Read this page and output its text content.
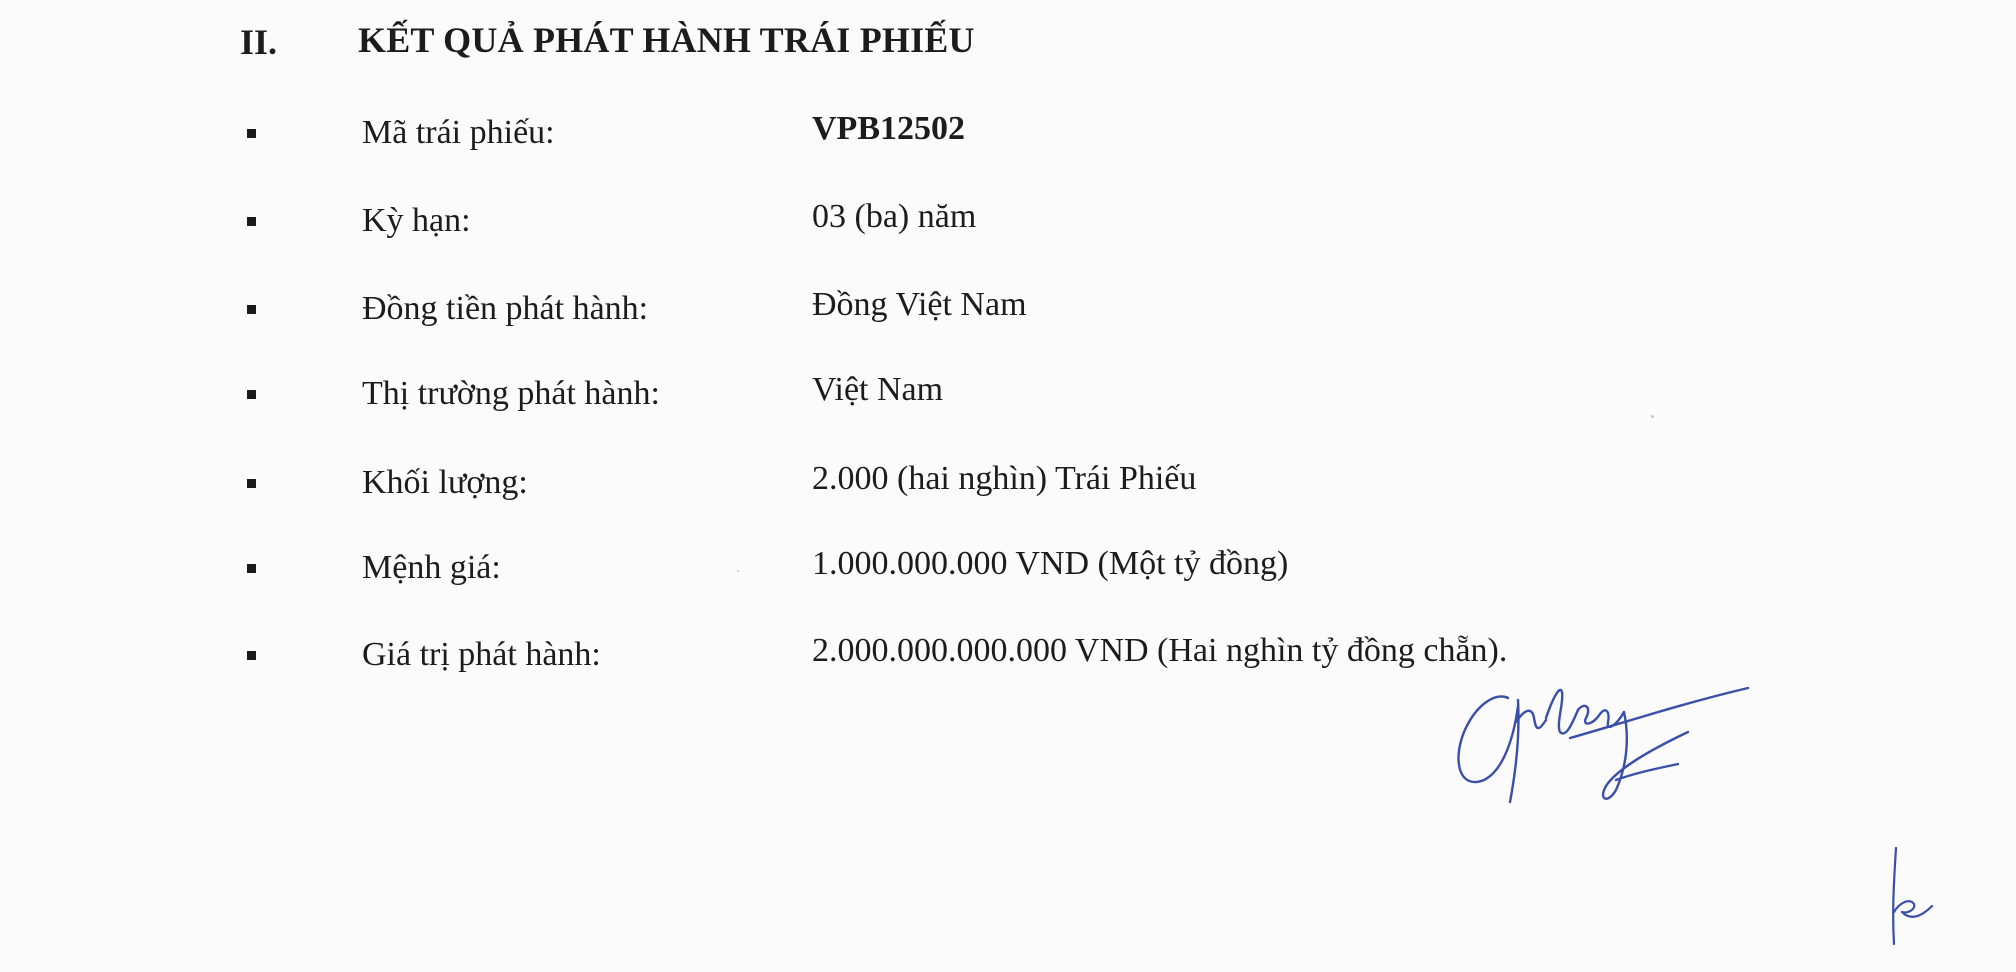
II. KẾT QUẢ PHÁT HÀNH TRÁI PHIẾU
Mã trái phiếu:	VPB12502
Kỳ hạn:	03 (ba) năm
Đồng tiền phát hành:	Đồng Việt Nam
Thị trường phát hành:	Việt Nam
Khối lượng:	2.000 (hai nghìn) Trái Phiếu
Mệnh giá:	1.000.000.000 VND (Một tỷ đồng)
Giá trị phát hành:	2.000.000.000.000 VND (Hai nghìn tỷ đồng chẵn).
